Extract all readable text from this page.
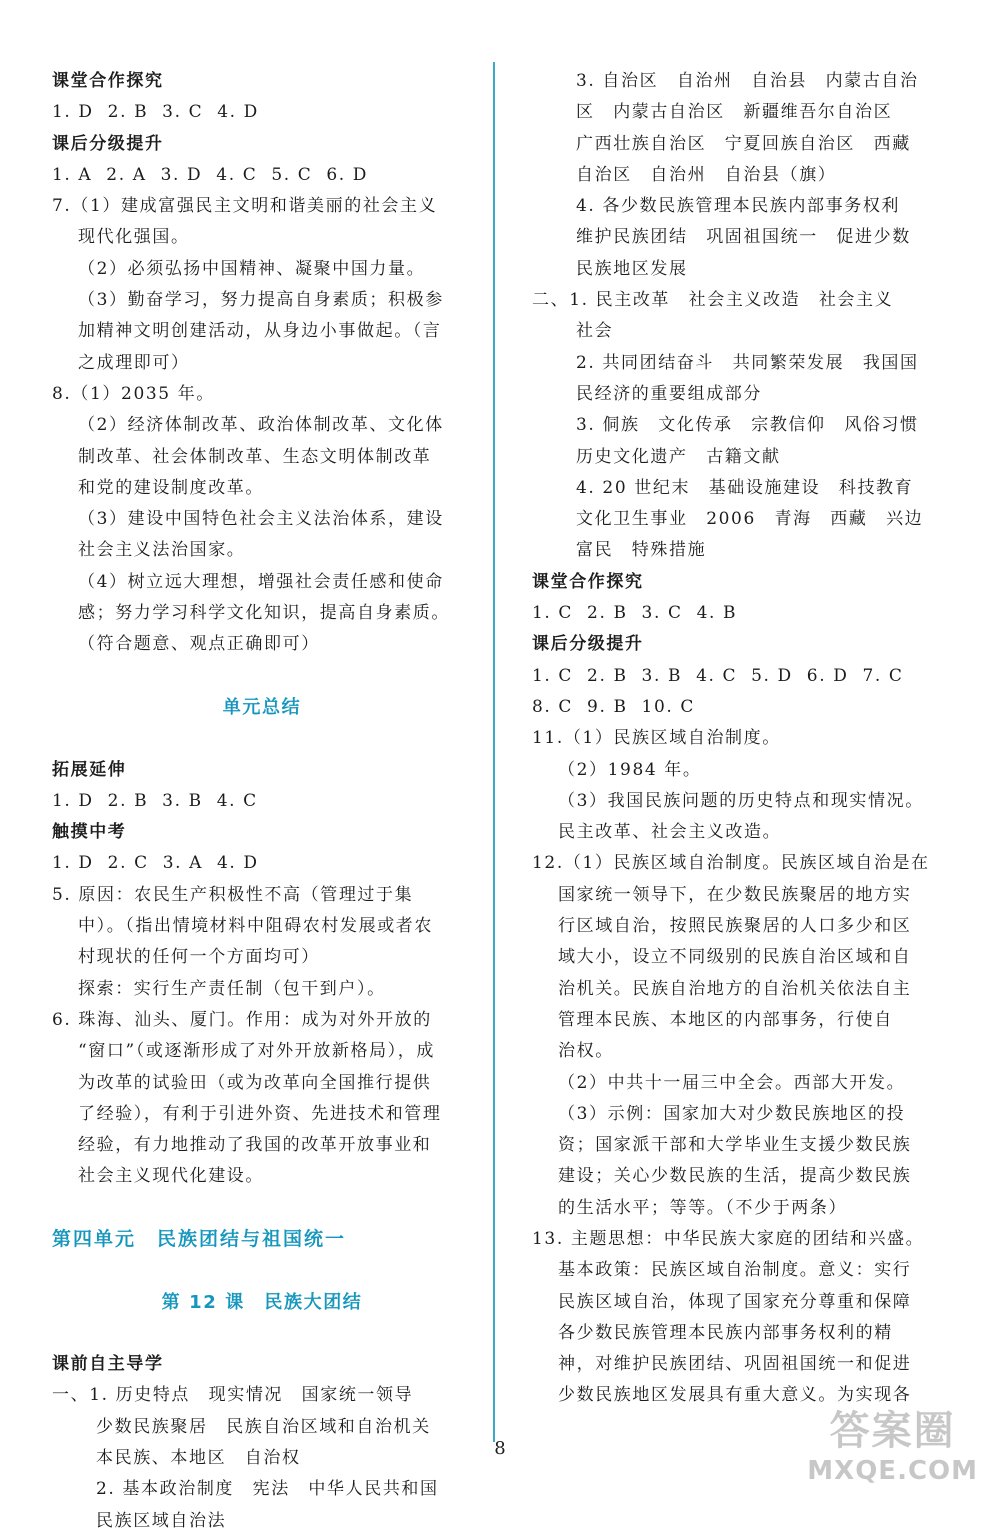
课堂合作探究
1. D  2. B  3. C  4. D
课后分级提升
1. A  2. A  3. D  4. C  5. C  6. D
7.（1）建成富强民主文明和谐美丽的社会主义
现代化强国。
（2）必须弘扬中国精神、凝聚中国力量。
（3）勤奋学习，努力提高自身素质；积极参
加精神文明创建活动，从身边小事做起。（言
之成理即可）
8.（1）2035 年。
（2）经济体制改革、政治体制改革、文化体
制改革、社会体制改革、生态文明体制改革
和党的建设制度改革。
（3）建设中国特色社会主义法治体系，建设
社会主义法治国家。
（4）树立远大理想，增强社会责任感和使命
感；努力学习科学文化知识，提高自身素质。
（符合题意、观点正确即可）
单元总结
拓展延伸
1. D  2. B  3. B  4. C
触摸中考
1. D  2. C  3. A  4. D
5. 原因：农民生产积极性不高（管理过于集
中）。（指出情境材料中阻碍农村发展或者农
村现状的任何一个方面均可）
探索：实行生产责任制（包干到户）。
6. 珠海、汕头、厦门。作用：成为对外开放的
“窗口”（或逐渐形成了对外开放新格局），成
为改革的试验田（或为改革向全国推行提供
了经验），有利于引进外资、先进技术和管理
经验，有力地推动了我国的改革开放事业和
社会主义现代化建设。
第四单元　民族团结与祖国统一
第 12 课　民族大团结
课前自主导学
一、1. 历史特点　现实情况　国家统一领导
少数民族聚居　民族自治区域和自治机关
本民族、本地区　自治权
2. 基本政治制度　宪法　中华人民共和国
民族区域自治法
3. 自治区　自治州　自治县　内蒙古自治
区　内蒙古自治区　新疆维吾尔自治区
广西壮族自治区　宁夏回族自治区　西藏
自治区　自治州　自治县（旗）
4. 各少数民族管理本民族内部事务权利
维护民族团结　巩固祖国统一　促进少数
民族地区发展
二、1. 民主改革　社会主义改造　社会主义
社会
2. 共同团结奋斗　共同繁荣发展　我国国
民经济的重要组成部分
3. 侗族　文化传承　宗教信仰　风俗习惯
历史文化遗产　古籍文献
4. 20 世纪末　基础设施建设　科技教育
文化卫生事业　2006　青海　西藏　兴边
富民　特殊措施
课堂合作探究
1. C  2. B  3. C  4. B
课后分级提升
1. C  2. B  3. B  4. C  5. D  6. D  7. C
8. C  9. B  10. C
11.（1）民族区域自治制度。
（2）1984 年。
（3）我国民族问题的历史特点和现实情况。
民主改革、社会主义改造。
12.（1）民族区域自治制度。民族区域自治是在
国家统一领导下，在少数民族聚居的地方实
行区域自治，按照民族聚居的人口多少和区
域大小，设立不同级别的民族自治区域和自
治机关。民族自治地方的自治机关依法自主
管理本民族、本地区的内部事务，行使自
治权。
（2）中共十一届三中全会。西部大开发。
（3）示例：国家加大对少数民族地区的投
资；国家派干部和大学毕业生支援少数民族
建设；关心少数民族的生活，提高少数民族
的生活水平；等等。（不少于两条）
13. 主题思想：中华民族大家庭的团结和兴盛。
基本政策：民族区域自治制度。意义：实行
民族区域自治，体现了国家充分尊重和保障
各少数民族管理本民族内部事务权利的精
神，对维护民族团结、巩固祖国统一和促进
少数民族地区发展具有重大意义。为实现各
8	答案圈
MXQE.COM
